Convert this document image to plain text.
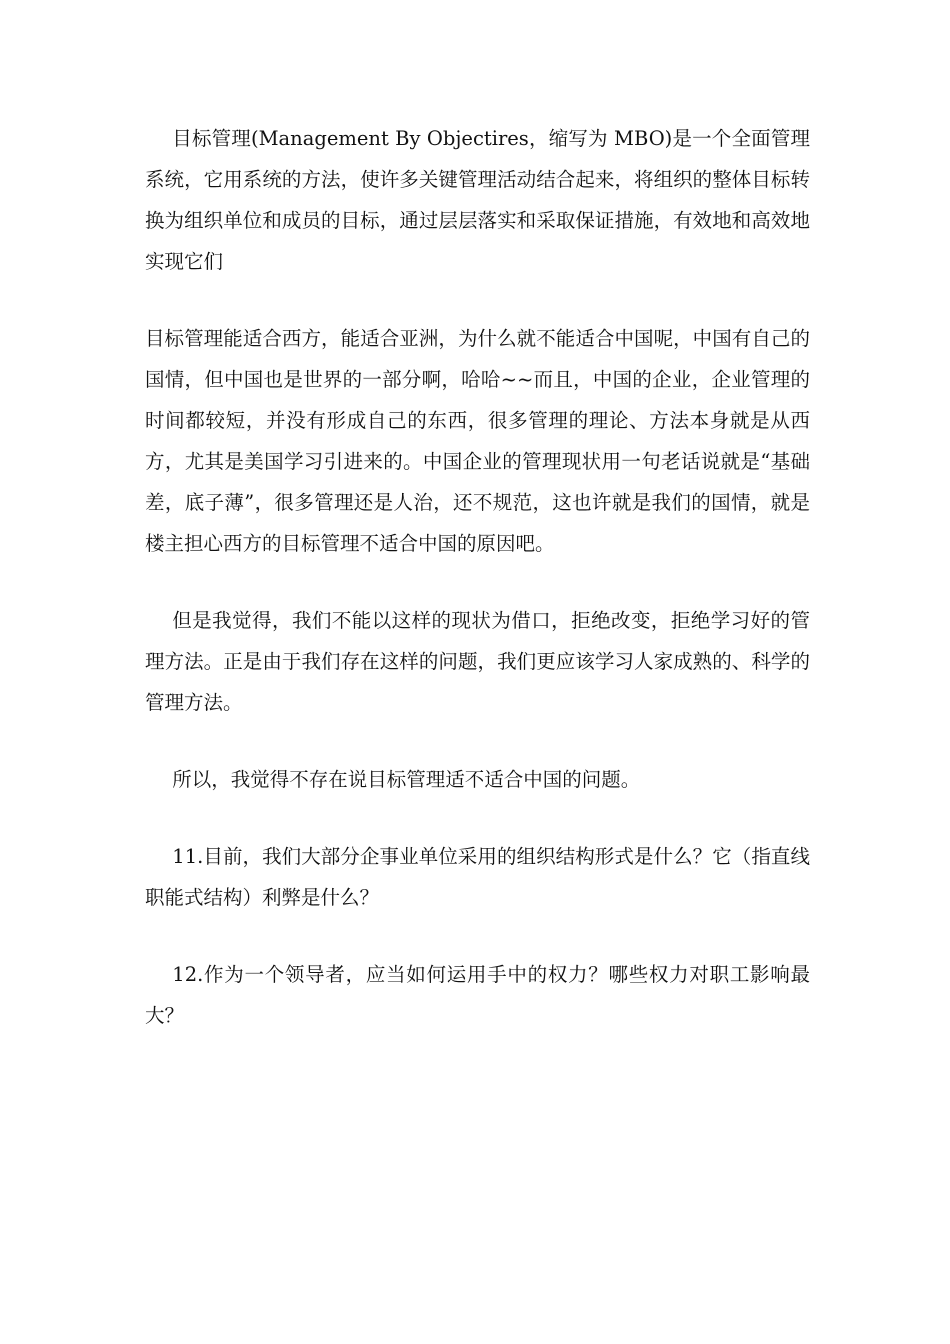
目标管理(Management By Objectires，缩写为 MBO)是一个全面管理系统，它用系统的方法，使许多关键管理活动结合起来，将组织的整体目标转换为组织单位和成员的目标，通过层层落实和采取保证措施，有效地和高效地实现它们

目标管理能适合西方，能适合亚洲，为什么就不能适合中国呢，中国有自己的国情，但中国也是世界的一部分啊，哈哈~~而且，中国的企业，企业管理的时间都较短，并没有形成自己的东西，很多管理的理论、方法本身就是从西方，尤其是美国学习引进来的。中国企业的管理现状用一句老话说就是“基础差，底子薄”，很多管理还是人治，还不规范，这也许就是我们的国情，就是楼主担心西方的目标管理不适合中国的原因吧。

但是我觉得，我们不能以这样的现状为借口，拒绝改变，拒绝学习好的管理方法。正是由于我们存在这样的问题，我们更应该学习人家成熟的、科学的管理方法。

所以，我觉得不存在说目标管理适不适合中国的问题。

11.目前，我们大部分企事业单位采用的组织结构形式是什么？它（指直线职能式结构）利弊是什么？

12.作为一个领导者，应当如何运用手中的权力？哪些权力对职工影响最大？
